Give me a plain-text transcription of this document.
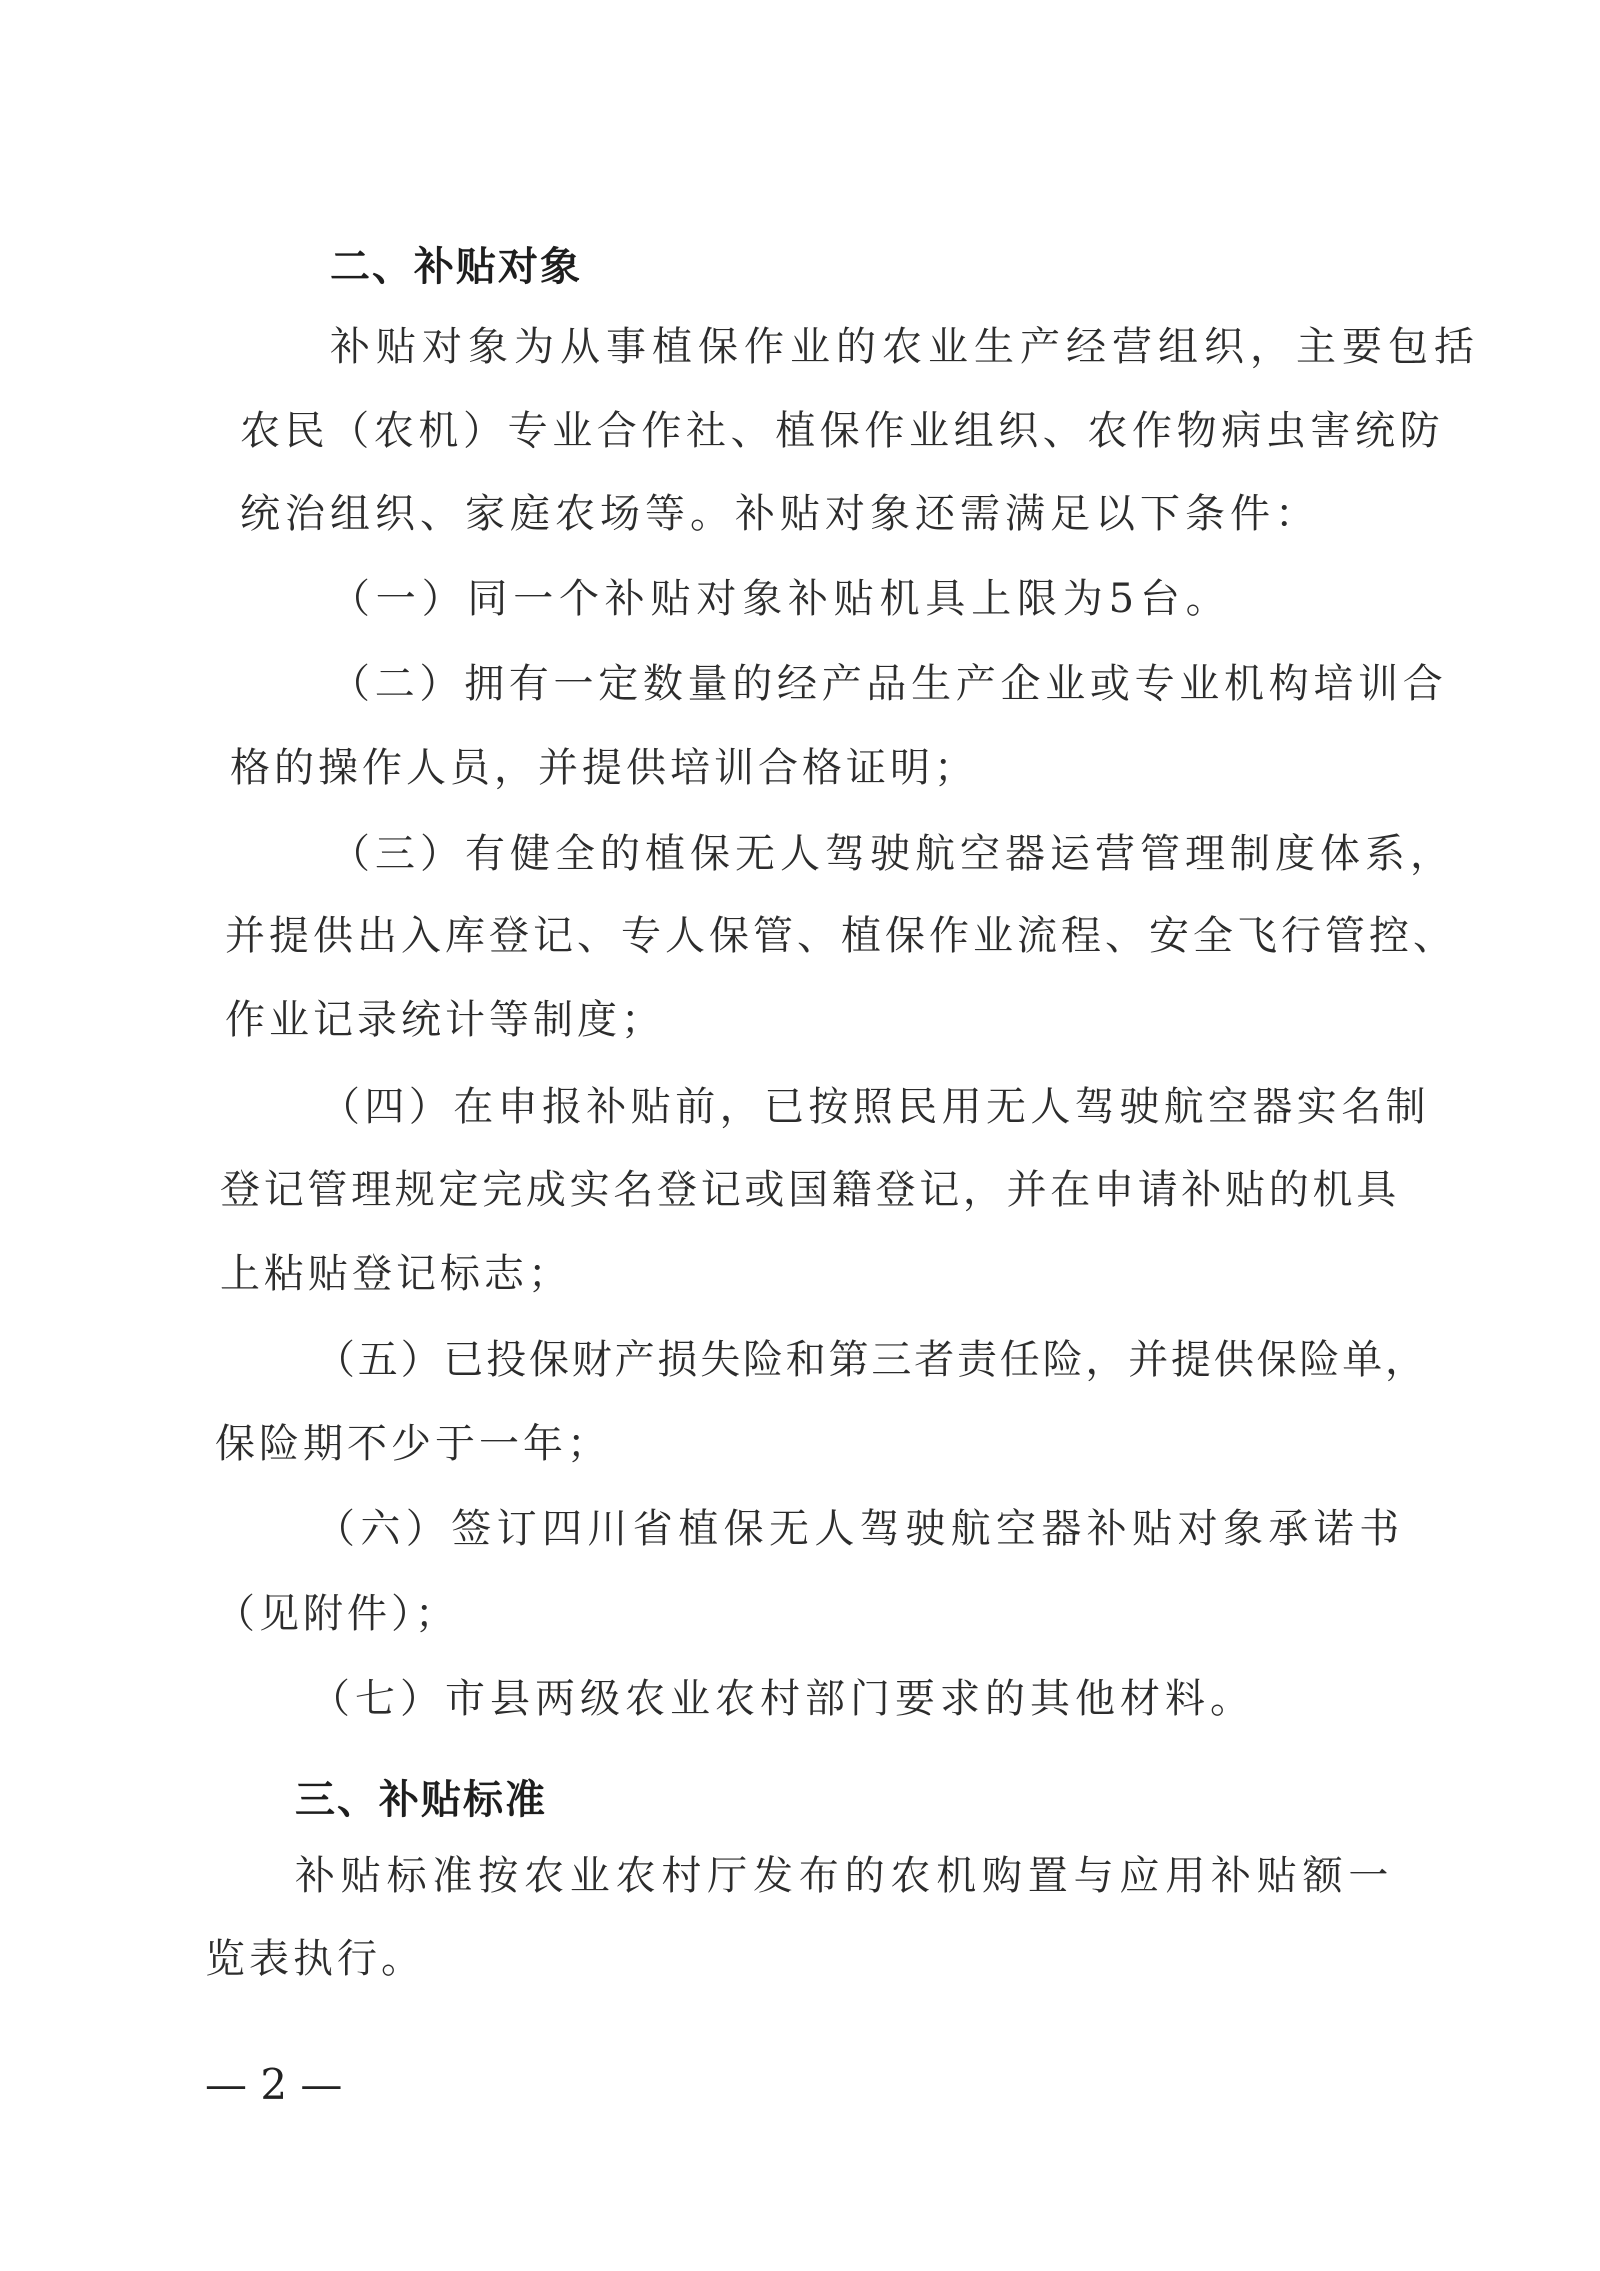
二、补贴对象
补贴对象为从事植保作业的农业生产经营组织，主要包括
农民（农机）专业合作社、植保作业组织、农作物病虫害统防
统治组织、家庭农场等。补贴对象还需满足以下条件：
（一）同一个补贴对象补贴机具上限为5台。
（二）拥有一定数量的经产品生产企业或专业机构培训合
格的操作人员，并提供培训合格证明；
（三）有健全的植保无人驾驶航空器运营管理制度体系，
并提供出入库登记、专人保管、植保作业流程、安全飞行管控、
作业记录统计等制度；
（四）在申报补贴前，已按照民用无人驾驶航空器实名制
登记管理规定完成实名登记或国籍登记，并在申请补贴的机具
上粘贴登记标志；
（五）已投保财产损失险和第三者责任险，并提供保险单，
保险期不少于一年；
（六）签订四川省植保无人驾驶航空器补贴对象承诺书
（见附件）；
（七）市县两级农业农村部门要求的其他材料。
三、补贴标准
补贴标准按农业农村厅发布的农机购置与应用补贴额一
览表执行。
— 2 —
